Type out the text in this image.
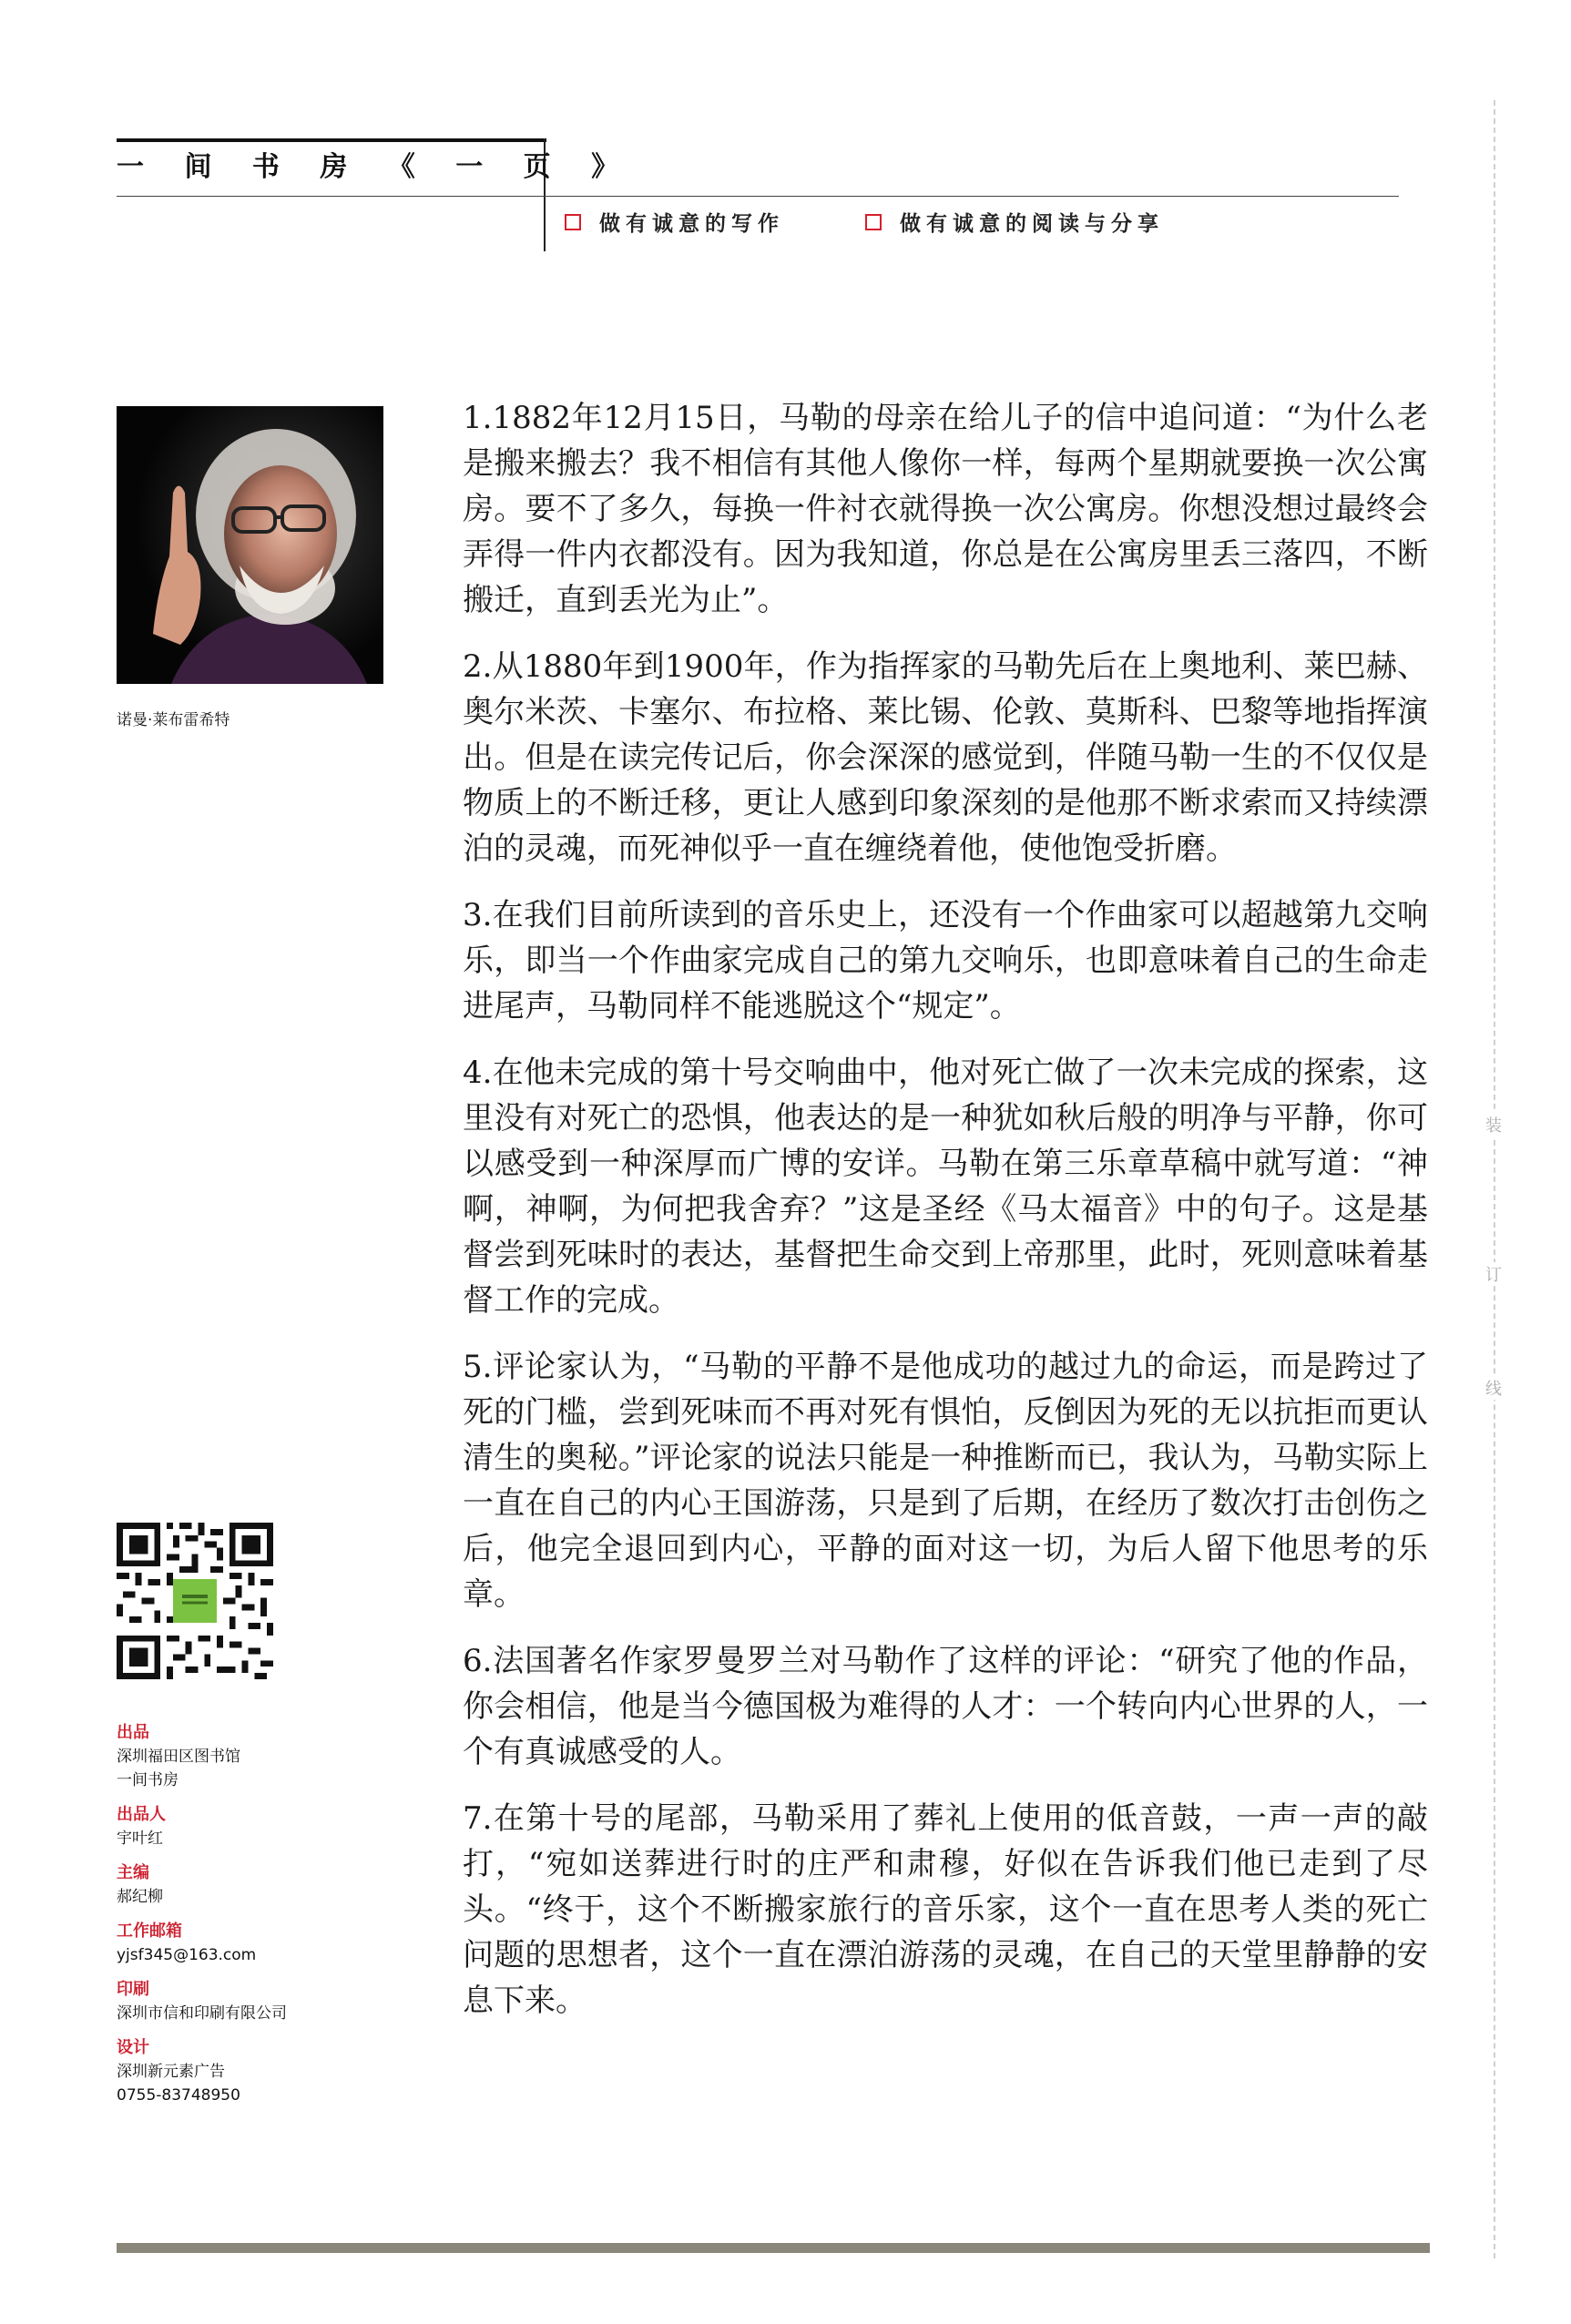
一 间 书 房 《 一 页 》
做有诚意的写作	做有诚意的阅读与分享
装
订
线
诺曼·莱布雷希特
出品
深圳福田区图书馆
一间书房
出品人
宇叶红
主编
郝纪柳
工作邮箱
yjsf345@163.com
印刷
深圳市信和印刷有限公司
设计
深圳新元素广告
0755-83748950

1.1882年12月15日，马勒的母亲在给儿子的信中追问道：“为什么老是搬来搬去？我不相信有其他人像你一样，每两个星期就要换一次公寓房。要不了多久，每换一件衬衣就得换一次公寓房。你想没想过最终会弄得一件内衣都没有。因为我知道，你总是在公寓房里丢三落四，不断搬迁，直到丢光为止”。

2.从1880年到1900年，作为指挥家的马勒先后在上奥地利、莱巴赫、奥尔米茨、卡塞尔、布拉格、莱比锡、伦敦、莫斯科、巴黎等地指挥演出。但是在读完传记后，你会深深的感觉到，伴随马勒一生的不仅仅是物质上的不断迁移，更让人感到印象深刻的是他那不断求索而又持续漂泊的灵魂，而死神似乎一直在缠绕着他，使他饱受折磨。

3.在我们目前所读到的音乐史上，还没有一个作曲家可以超越第九交响乐，即当一个作曲家完成自己的第九交响乐，也即意味着自己的生命走进尾声，马勒同样不能逃脱这个“规定”。

4.在他未完成的第十号交响曲中，他对死亡做了一次未完成的探索，这里没有对死亡的恐惧，他表达的是一种犹如秋后般的明净与平静，你可以感受到一种深厚而广博的安详。马勒在第三乐章草稿中就写道：“神啊，神啊，为何把我舍弃？”这是圣经《马太福音》中的句子。这是基督尝到死味时的表达，基督把生命交到上帝那里，此时，死则意味着基督工作的完成。

5.评论家认为，“马勒的平静不是他成功的越过九的命运，而是跨过了死的门槛，尝到死味而不再对死有惧怕，反倒因为死的无以抗拒而更认清生的奥秘。”评论家的说法只能是一种推断而已，我认为，马勒实际上一直在自己的内心王国游荡，只是到了后期，在经历了数次打击创伤之后，他完全退回到内心，平静的面对这一切，为后人留下他思考的乐章。

6.法国著名作家罗曼罗兰对马勒作了这样的评论：“研究了他的作品，你会相信，他是当今德国极为难得的人才：一个转向内心世界的人，一个有真诚感受的人。

7.在第十号的尾部，马勒采用了葬礼上使用的低音鼓，一声一声的敲打，“宛如送葬进行时的庄严和肃穆，好似在告诉我们他已走到了尽头。“终于，这个不断搬家旅行的音乐家，这个一直在思考人类的死亡问题的思想者，这个一直在漂泊游荡的灵魂，在自己的天堂里静静的安息下来。
